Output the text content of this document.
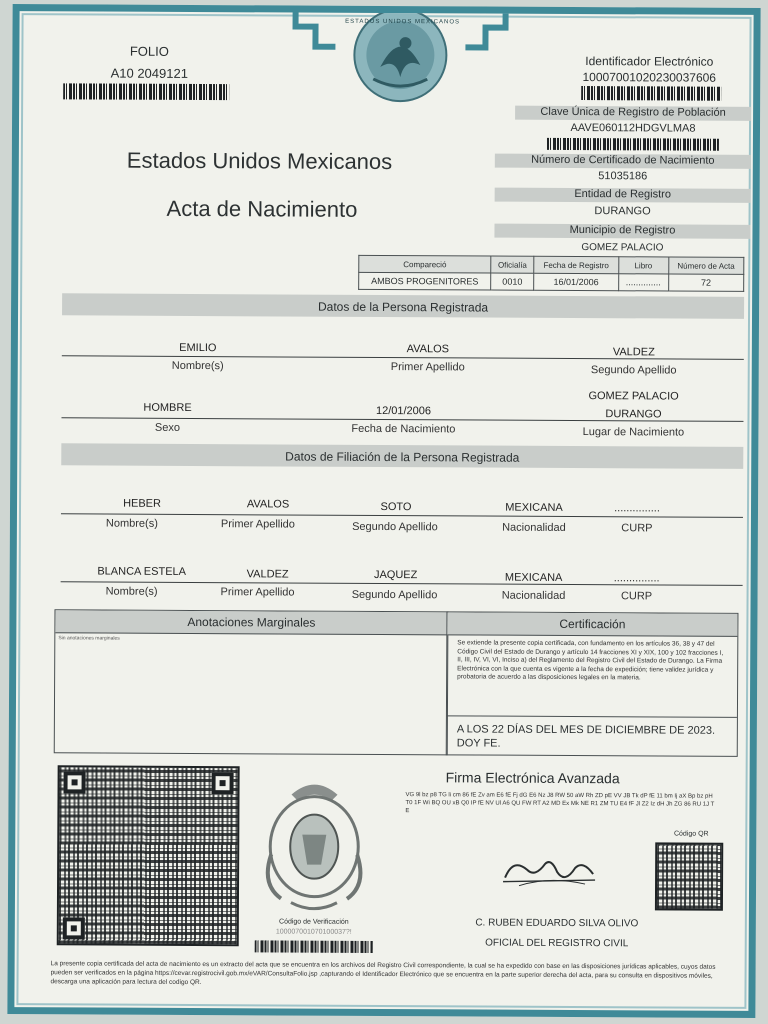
FOLIO
A10 2049121
ESTADOS UNIDOS MEXICANOS
Estados Unidos Mexicanos
Acta de Nacimiento
Identificador Electrónico
10007001020230037606
Clave Única de Registro de Población
AAVE060112HDGVLMA8
Número de Certificado de Nacimiento
51035186
Entidad de Registro
DURANGO
Municipio de Registro
GOMEZ PALACIO
Compareció	Oficialía	Fecha de Registro	Libro	Número de Acta
AMBOS PROGENITORES	0010	16/01/2006	..............	72
Datos de la Persona Registrada
EMILIO	AVALOS	VALDEZ
Nombre(s)	Primer Apellido	Segundo Apellido
GOMEZ PALACIO
HOMBRE	12/01/2006	DURANGO
Sexo	Fecha de Nacimiento	Lugar de Nacimiento
Datos de Filiación de la Persona Registrada
HEBER	AVALOS	SOTO	MEXICANA	...............
Nombre(s)	Primer Apellido	Segundo Apellido	Nacionalidad	CURP
BLANCA ESTELA	VALDEZ	JAQUEZ	MEXICANA	...............
Nombre(s)	Primer Apellido	Segundo Apellido	Nacionalidad	CURP
Anotaciones Marginales
Sin anotaciones marginales
Certificación
Se extiende la presente copia certificada, con fundamento en los artículos 36, 38 y 47 del Código Civil del Estado de Durango y artículo 14 fracciones XI y XIX, 100 y 102 fracciones I, II, III, IV, VI, VI, Inciso a) del Reglamento del Registro Civil del Estado de Durango. La Firma Electrónica con la que cuenta es vigente a la fecha de expedición; tiene validez jurídica y probatoria de acuerdo a las disposiciones legales en la materia.
A LOS 22 DÍAS DEL MES DE DICIEMBRE DE 2023. DOY FE.
Código de Verificación
100007001070100037?!
Firma Electrónica Avanzada
VG 9l bz p8 TG li cm 86 fE Zv am E6 fE Fj dG E6 Nz J8 RW 50 aW Rh ZD pE VV JB Tk dP fE 11 bm Ij aX Bp bz pH T0 1F Wi BQ OU xB Q0 IP fE NV Ul A6 QU FW RT A2 MD Ex Mk NE R1 ZM TU E4 fF Jl Z2 Iz dH Jh ZG 86 RU 1J TE
Código QR
C. RUBEN EDUARDO SILVA OLIVO
OFICIAL DEL REGISTRO CIVIL
La presente copia certificada del acta de nacimiento es un extracto del acta que se encuentra en los archivos del Registro Civil correspondiente, la cual se ha expedido con base en las disposiciones jurídicas aplicables, cuyos datos pueden ser verificados en la página https://cevar.registrocivil.gob.mx/eVAR/ConsultaFolio.jsp ,capturando el Identificador Electrónico que se encuentra en la parte superior derecha del acta, para su consulta en dispositivos móviles, descarga una aplicación para lectura del codigo QR.
